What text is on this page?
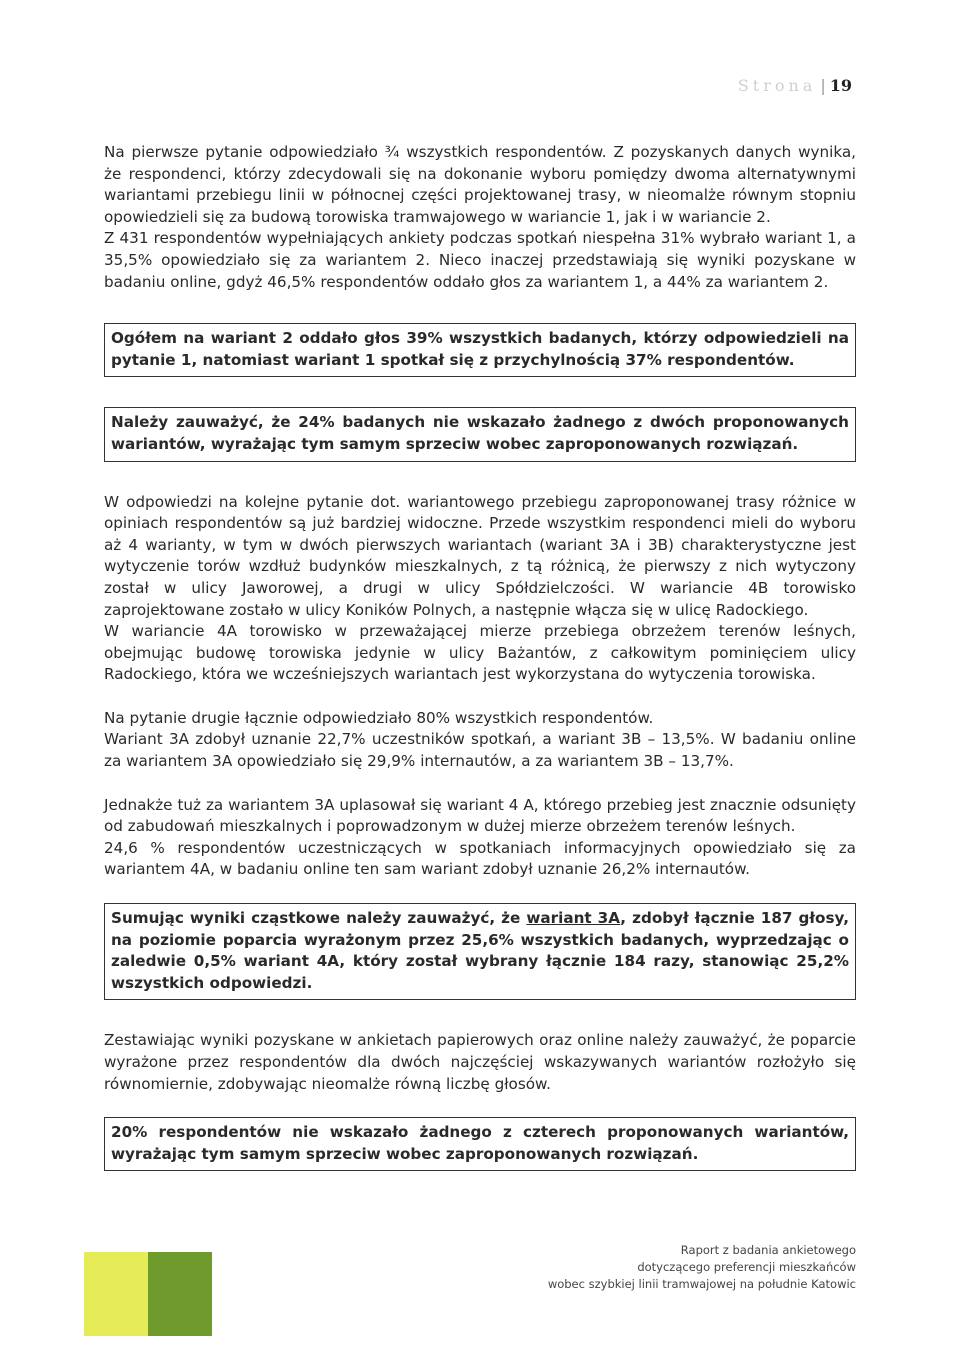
Strona | 19

Na pierwsze pytanie odpowiedziało ¾ wszystkich respondentów. Z pozyskanych danych wynika, że respondenci, którzy zdecydowali się na dokonanie wyboru pomiędzy dwoma alternatywnymi wariantami przebiegu linii w północnej części projektowanej trasy, w nieomalże równym stopniu opowiedzieli się za budową torowiska tramwajowego w wariancie 1, jak i w wariancie 2.

Z 431 respondentów wypełniających ankiety podczas spotkań niespełna 31% wybrało wariant 1, a 35,5% opowiedziało się za wariantem 2. Nieco inaczej przedstawiają się wyniki pozyskane w badaniu online, gdyż 46,5% respondentów oddało głos za wariantem 1, a 44% za wariantem 2.

Ogółem na wariant 2 oddało głos 39% wszystkich badanych, którzy odpowiedzieli na pytanie 1, natomiast wariant 1 spotkał się z przychylnością 37% respondentów.

Należy zauważyć, że 24% badanych nie wskazało żadnego z dwóch proponowanych wariantów, wyrażając tym samym sprzeciw wobec zaproponowanych rozwiązań.

W odpowiedzi na kolejne pytanie dot. wariantowego przebiegu zaproponowanej trasy różnice w opiniach respondentów są już bardziej widoczne. Przede wszystkim respondenci mieli do wyboru aż 4 warianty, w tym w dwóch pierwszych wariantach (wariant 3A i 3B) charakterystyczne jest wytyczenie torów wzdłuż budynków mieszkalnych, z tą różnicą, że pierwszy z nich wytyczony został w ulicy Jaworowej, a drugi w ulicy Spółdzielczości. W wariancie 4B torowisko zaprojektowane zostało w ulicy Koników Polnych, a następnie włącza się w ulicę Radockiego.

W wariancie 4A torowisko w przeważającej mierze przebiega obrzeżem terenów leśnych, obejmując budowę torowiska jedynie w ulicy Bażantów, z całkowitym pominięciem ulicy Radockiego, która we wcześniejszych wariantach jest wykorzystana do wytyczenia torowiska.

Na pytanie drugie łącznie odpowiedziało 80% wszystkich respondentów.

Wariant 3A zdobył uznanie 22,7% uczestników spotkań, a wariant 3B – 13,5%. W badaniu online za wariantem 3A opowiedziało się 29,9% internautów, a za wariantem 3B – 13,7%.

Jednakże tuż za wariantem 3A uplasował się wariant 4 A, którego przebieg jest znacznie odsunięty od zabudowań mieszkalnych i poprowadzonym w dużej mierze obrzeżem terenów leśnych.

24,6 % respondentów uczestniczących w spotkaniach informacyjnych opowiedziało się za wariantem 4A, w badaniu online ten sam wariant zdobył uznanie 26,2% internautów.

Sumując wyniki cząstkowe należy zauważyć, że wariant 3A, zdobył łącznie 187 głosy, na poziomie poparcia wyrażonym przez 25,6% wszystkich badanych, wyprzedzając o zaledwie 0,5% wariant 4A, który został wybrany łącznie 184 razy, stanowiąc 25,2% wszystkich odpowiedzi.

Zestawiając wyniki pozyskane w ankietach papierowych oraz online należy zauważyć, że poparcie wyrażone przez respondentów dla dwóch najczęściej wskazywanych wariantów rozłożyło się równomiernie, zdobywając nieomalże równą liczbę głosów.

20% respondentów nie wskazało żadnego z czterech proponowanych wariantów, wyrażając tym samym sprzeciw wobec zaproponowanych rozwiązań.

Raport z badania ankietowego
dotyczącego preferencji mieszkańców
wobec szybkiej linii tramwajowej na południe Katowic
